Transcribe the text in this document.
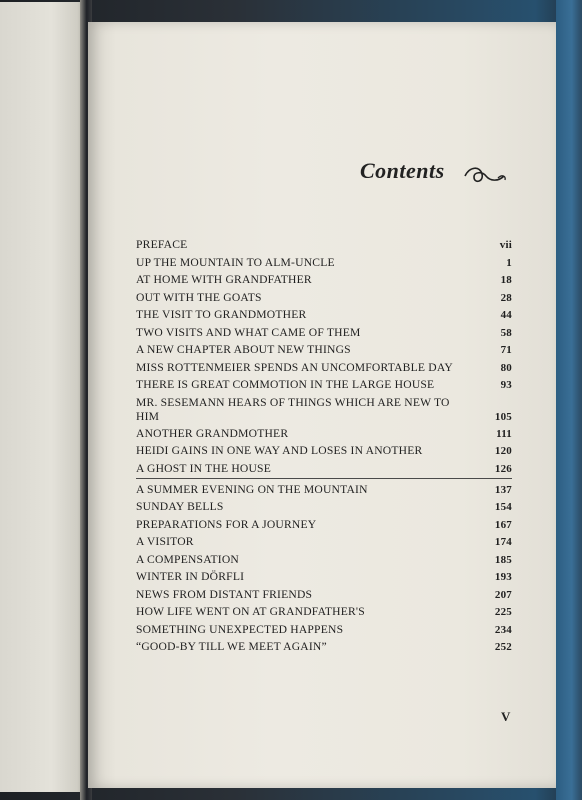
Contents
PREFACE	vii
UP THE MOUNTAIN TO ALM-UNCLE	1
AT HOME WITH GRANDFATHER	18
OUT WITH THE GOATS	28
THE VISIT TO GRANDMOTHER	44
TWO VISITS AND WHAT CAME OF THEM	58
A NEW CHAPTER ABOUT NEW THINGS	71
MISS ROTTENMEIER SPENDS AN UNCOMFORTABLE DAY	80
THERE IS GREAT COMMOTION IN THE LARGE HOUSE	93
MR. SESEMANN HEARS OF THINGS WHICH ARE NEW TO HIM	105
ANOTHER GRANDMOTHER	111
HEIDI GAINS IN ONE WAY AND LOSES IN ANOTHER	120
A GHOST IN THE HOUSE	126
A SUMMER EVENING ON THE MOUNTAIN	137
SUNDAY BELLS	154
PREPARATIONS FOR A JOURNEY	167
A VISITOR	174
A COMPENSATION	185
WINTER IN DÖRFLI	193
NEWS FROM DISTANT FRIENDS	207
HOW LIFE WENT ON AT GRANDFATHER'S	225
SOMETHING UNEXPECTED HAPPENS	234
“GOOD-BY TILL WE MEET AGAIN”	252
V
